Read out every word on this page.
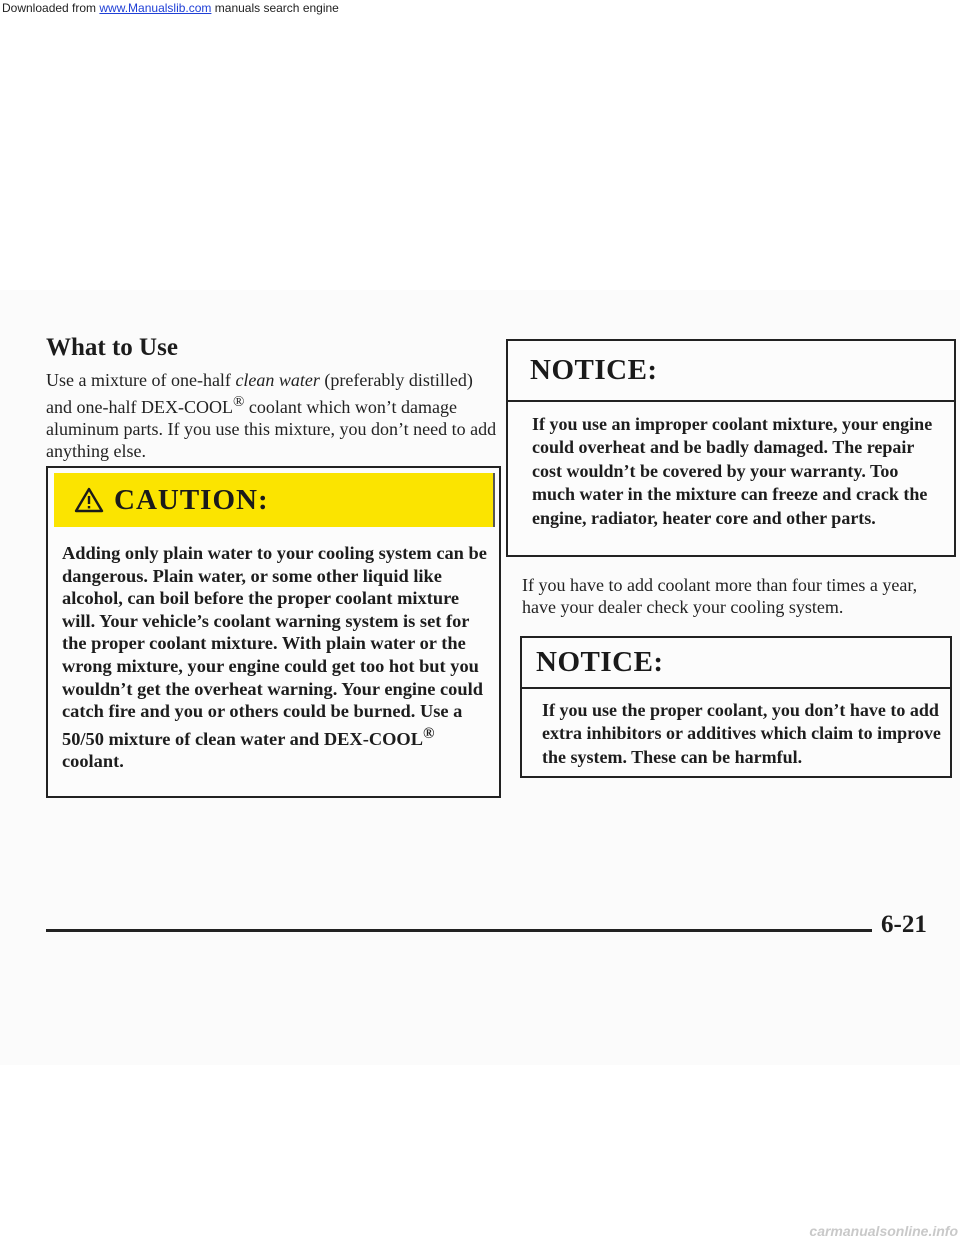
Downloaded from www.Manualslib.com manuals search engine
What to Use

Use a mixture of one-half clean water (preferably distilled) and one-half DEX-COOL® coolant which won’t damage aluminum parts. If you use this mixture, you don’t need to add anything else.

CAUTION:

Adding only plain water to your cooling system can be dangerous. Plain water, or some other liquid like alcohol, can boil before the proper coolant mixture will. Your vehicle’s coolant warning system is set for the proper coolant mixture. With plain water or the wrong mixture, your engine could get too hot but you wouldn’t get the overheat warning. Your engine could catch fire and you or others could be burned. Use a 50/50 mixture of clean water and DEX-COOL® coolant.

NOTICE:

If you use an improper coolant mixture, your engine could overheat and be badly damaged. The repair cost wouldn’t be covered by your warranty. Too much water in the mixture can freeze and crack the engine, radiator, heater core and other parts.

If you have to add coolant more than four times a year, have your dealer check your cooling system.

NOTICE:

If you use the proper coolant, you don’t have to add extra inhibitors or additives which claim to improve the system. These can be harmful.

6-21

carmanualsonline.info
